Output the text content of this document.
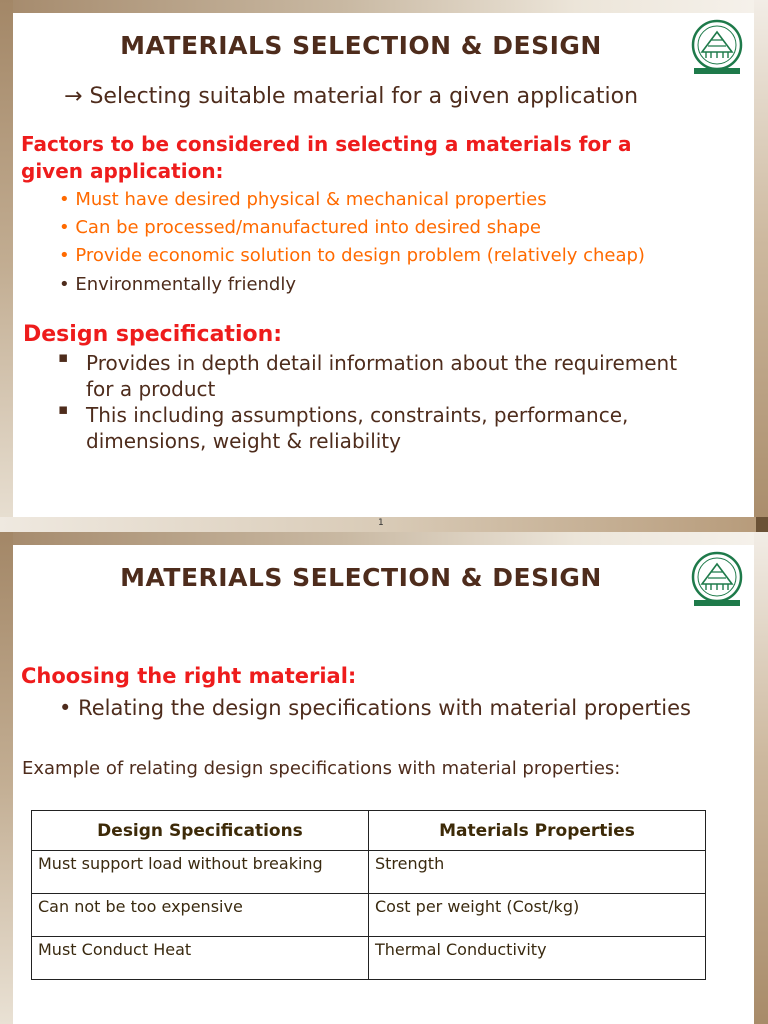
MATERIALS SELECTION & DESIGN
→ Selecting suitable material for a given application
Factors to be considered in selecting a materials for a
given application:
• Must have desired physical & mechanical properties
• Can be processed/manufactured into desired shape
• Provide economic solution to design problem (relatively cheap)
• Environmentally friendly
Design specification:
▪ Provides in depth detail information about the requirement
for a product
▪ This including assumptions, constraints, performance,
dimensions, weight & reliability
1
MATERIALS SELECTION & DESIGN
Choosing the right material:
• Relating the design specifications with material properties
Example of relating design specifications with material properties:
Design Specifications	Materials Properties
Must support load without breaking	Strength
Can not be too expensive	Cost per weight (Cost/kg)
Must Conduct Heat	Thermal Conductivity
